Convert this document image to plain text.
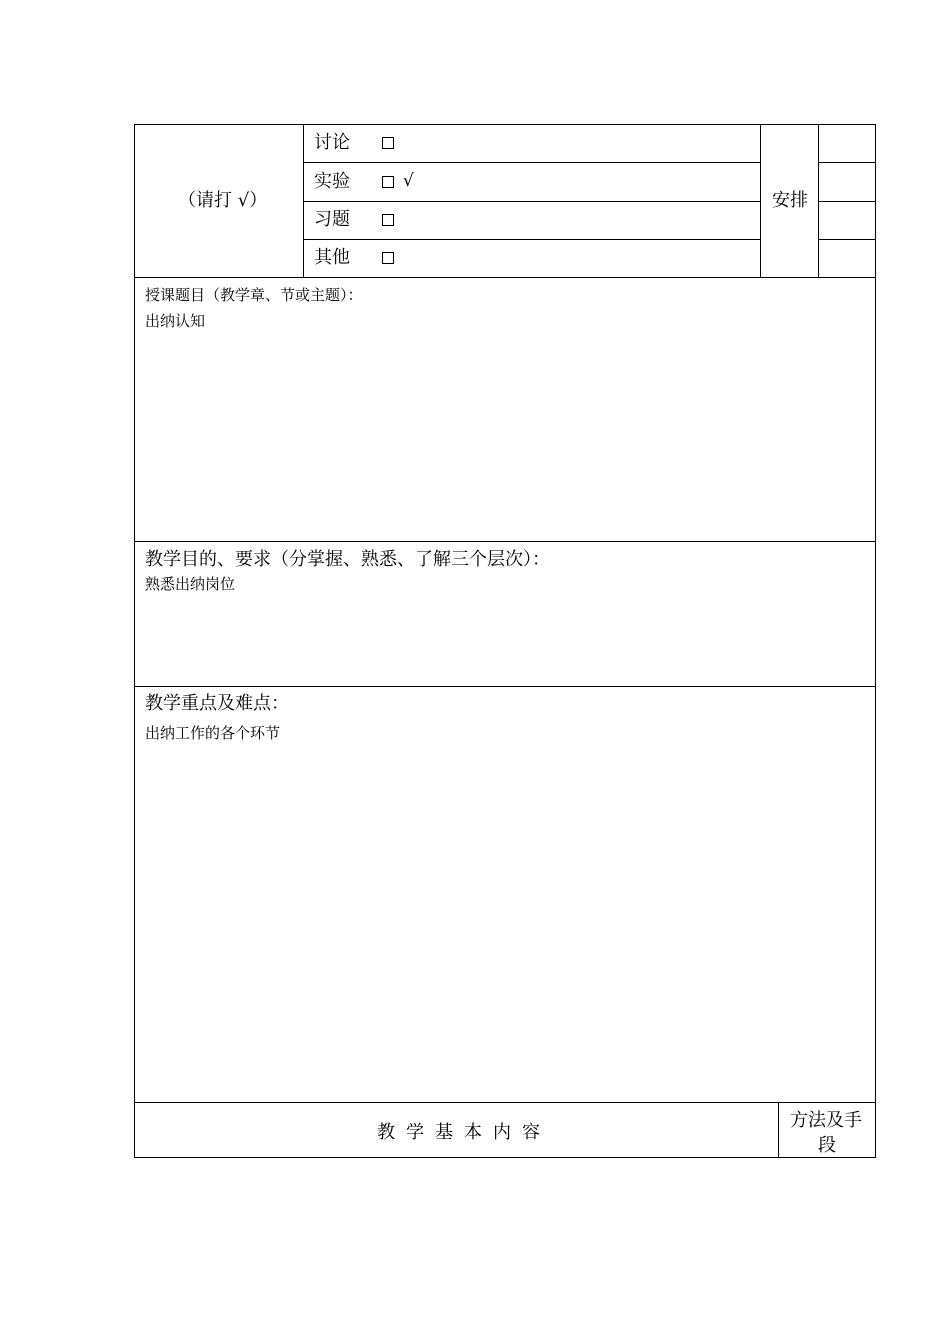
（请打 √）
讨论
实验	√
习题
其他
安排
授课题目（教学章、节或主题）：
出纳认知
教学目的、要求（分掌握、熟悉、了解三个层次）：
熟悉出纳岗位
教学重点及难点：
出纳工作的各个环节
教学基本内容
方法及手
段
